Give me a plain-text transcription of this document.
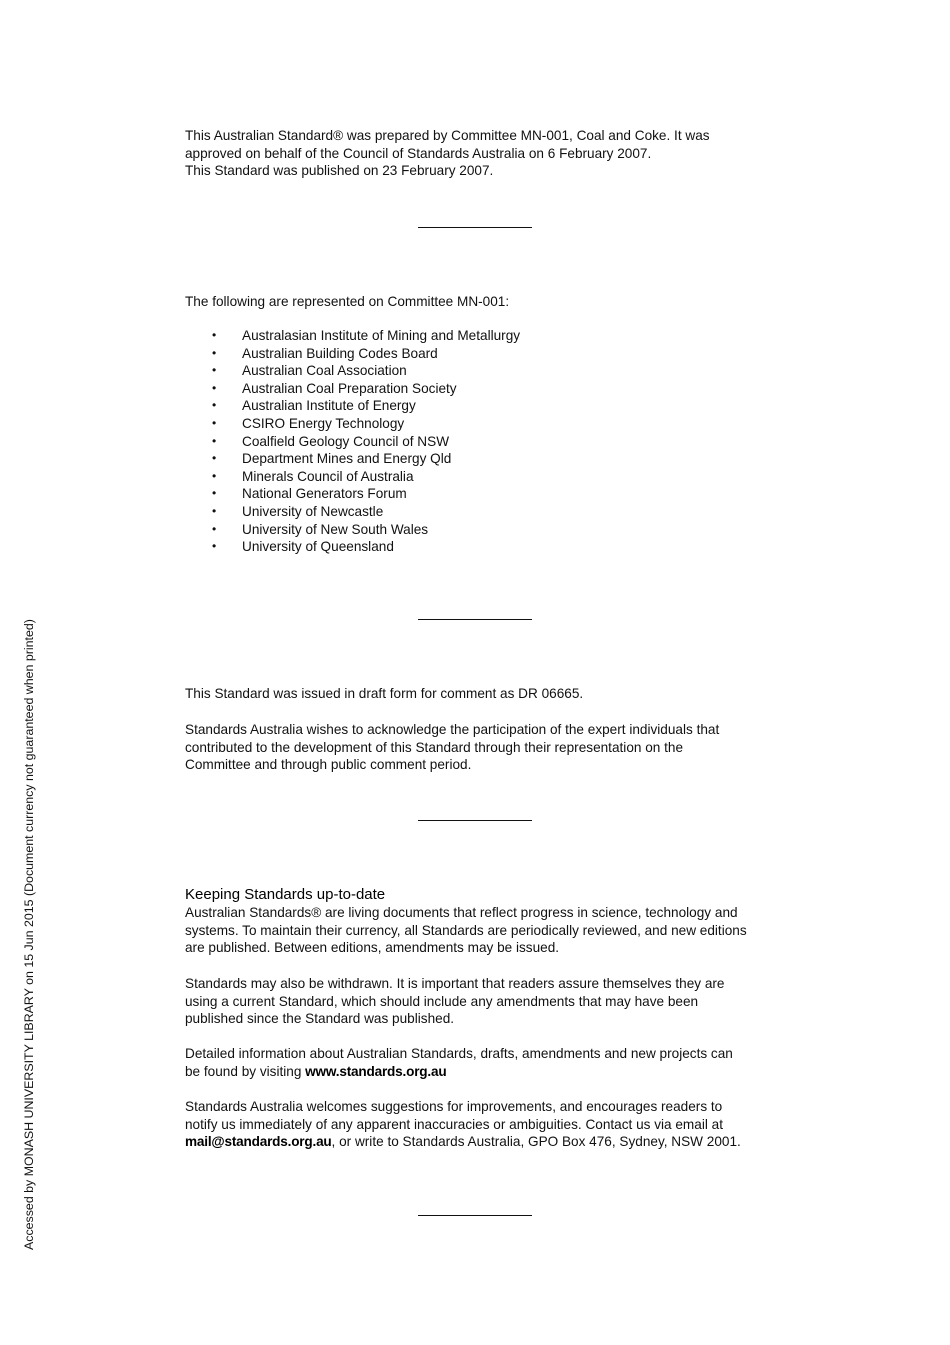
This Australian Standard® was prepared by Committee MN-001, Coal and Coke. It was

approved on behalf of the Council of Standards Australia on 6 February 2007.

This Standard was published on 23 February 2007.

The following are represented on Committee MN-001:

• Australasian Institute of Mining and Metallurgy
• Australian Building Codes Board
• Australian Coal Association
• Australian Coal Preparation Society
• Australian Institute of Energy
• CSIRO Energy Technology
• Coalfield Geology Council of NSW
• Department Mines and Energy Qld
• Minerals Council of Australia
• National Generators Forum
• University of Newcastle
• University of New South Wales
• University of Queensland

This Standard was issued in draft form for comment as DR 06665.

Standards Australia wishes to acknowledge the participation of the expert individuals that

contributed to the development of this Standard through their representation on the

Committee and through public comment period.

Keeping Standards up-to-date

Australian Standards® are living documents that reflect progress in science, technology and

systems. To maintain their currency, all Standards are periodically reviewed, and new editions

are published. Between editions, amendments may be issued.

Standards may also be withdrawn. It is important that readers assure themselves they are

using a current Standard, which should include any amendments that may have been

published since the Standard was published.

Detailed information about Australian Standards, drafts, amendments and new projects can

be found by visiting www.standards.org.au

Standards Australia welcomes suggestions for improvements, and encourages readers to

notify us immediately of any apparent inaccuracies or ambiguities. Contact us via email at

mail@standards.org.au, or write to Standards Australia, GPO Box 476, Sydney, NSW 2001.

Accessed by MONASH UNIVERSITY LIBRARY on 15 Jun 2015 (Document currency not guaranteed when printed)
